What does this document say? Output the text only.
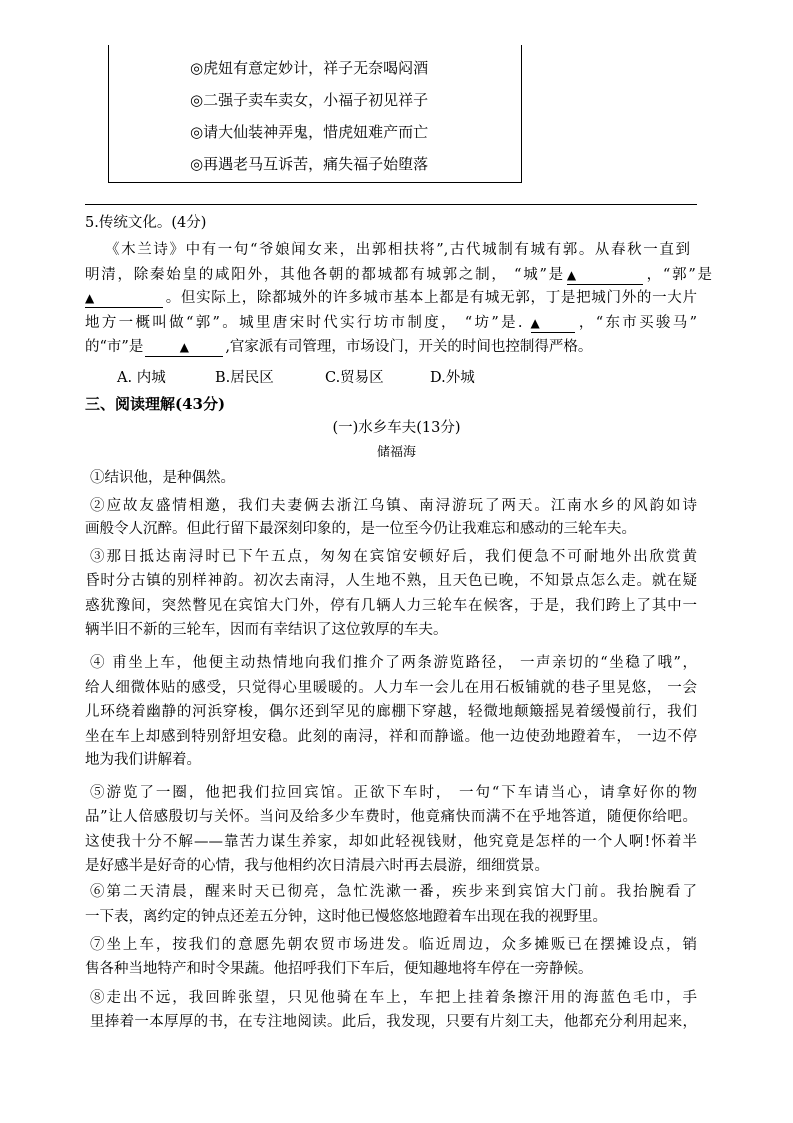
◎虎妞有意定妙计，祥子无奈喝闷酒
◎二强子卖车卖女，小福子初见祥子
◎请大仙装神弄鬼，惜虎妞难产而亡
◎再遇老马互诉苦，痛失福子始堕落
5.传统文化。(4分)
《木兰诗》中有一句“爷娘闻女来，出郭相扶将”,古代城制有城有郭。从春秋一直到
明清，除秦始皇的咸阳外，其他各朝的都城都有城郭之制， “城”是 ▲	，“郭”是
▲	。但实际上，除都城外的许多城市基本上都是有城无郭，丁是把城门外的一大片
地方一概叫做“郭”。城里唐宋时代实行坊市制度， “坊”是. ▲	，“东市买骏马”
的“市”是	▲	,官家派有司管理，市场设门，开关的时间也控制得严格。
A. 内城	B.居民区	C.贸易区	D.外城
三、阅读理解(43分)
(一)水乡车夫(13分)
储福海
①结识他，是种偶然。
②应故友盛情相邀，我们夫妻俩去浙江乌镇、南浔游玩了两天。江南水乡的风韵如诗
画般令人沉醉。但此行留下最深刻印象的，是一位至今仍让我难忘和感动的三轮车夫。
③那日抵达南浔时已下午五点，匆匆在宾馆安顿好后，我们便急不可耐地外出欣赏黄
昏时分古镇的别样神韵。初次去南浔，人生地不熟，且天色已晚，不知景点怎么走。就在疑
惑犹豫间，突然瞥见在宾馆大门外，停有几辆人力三轮车在候客，于是，我们跨上了其中一
辆半旧不新的三轮车，因而有幸结识了这位敦厚的车夫。
④ 甫坐上车，他便主动热情地向我们推介了两条游览路径， 一声亲切的“坐稳了哦”，
给人细微体贴的感受，只觉得心里暖暖的。人力车一会儿在用石板铺就的巷子里晃悠， 一会
儿环绕着幽静的河浜穿梭，偶尔还到罕见的廊棚下穿越，轻微地颠簸摇晃着缓慢前行，我们
坐在车上却感到特别舒坦安稳。此刻的南浔，祥和而静谧。他一边使劲地蹬着车， 一边不停
地为我们讲解着。
⑤游览了一圈，他把我们拉回宾馆。正欲下车时， 一句“下车请当心，请拿好你的物
品”让人倍感殷切与关怀。当问及给多少车费时，他竟痛快而满不在乎地答道，随便你给吧。
这使我十分不解——靠苦力谋生养家，却如此轻视钱财，他究竟是怎样的一个人啊!怀着半
是好感半是好奇的心情，我与他相约次日清晨六时再去晨游，细细赏景。
⑥第二天清晨，醒来时天已彻亮，急忙洗漱一番，疾步来到宾馆大门前。我抬腕看了
一下表，离约定的钟点还差五分钟，这时他已慢悠悠地蹬着车出现在我的视野里。
⑦坐上车，按我们的意愿先朝农贸市场进发。临近周边，众多摊贩已在摆摊设点，销
售各种当地特产和时令果蔬。他招呼我们下车后，便知趣地将车停在一旁静候。
⑧走出不远，我回眸张望，只见他骑在车上，车把上挂着条擦汗用的海蓝色毛巾，手
里捧着一本厚厚的书，在专注地阅读。此后，我发现，只要有片刻工夫，他都充分利用起来，
